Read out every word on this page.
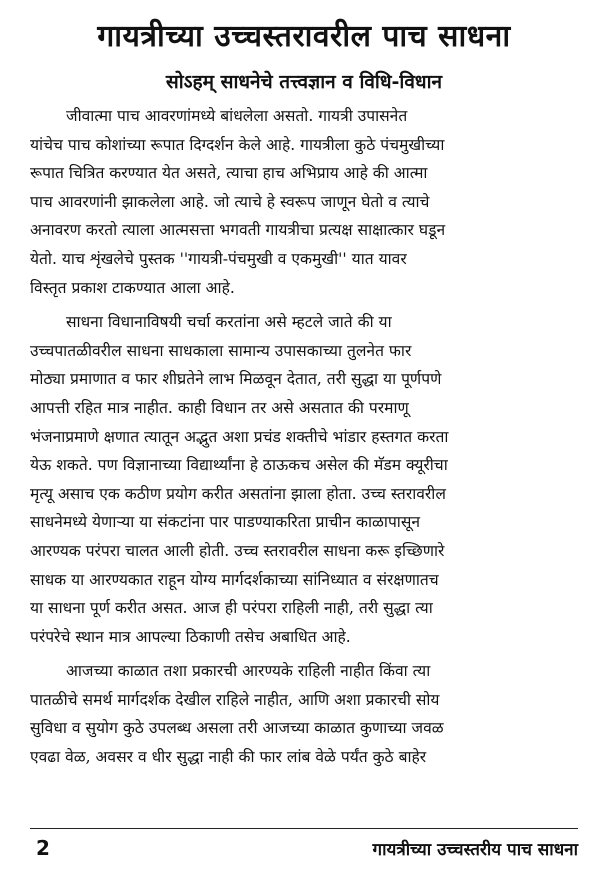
गायत्रीच्या उच्चस्तरावरील पाच साधना
सोऽहम् साधनेचे तत्त्वज्ञान व विधि-विधान

जीवात्मा पाच आवरणांमध्ये बांधलेला असतो. गायत्री उपासनेत
यांचेच पाच कोशांच्या रूपात दिग्दर्शन केले आहे. गायत्रीला कुठे पंचमुखीच्या
रूपात चित्रित करण्यात येत असते, त्याचा हाच अभिप्राय आहे की आत्मा
पाच आवरणांनी झाकलेला आहे. जो त्याचे हे स्वरूप जाणून घेतो व त्याचे
अनावरण करतो त्याला आत्मसत्ता भगवती गायत्रीचा प्रत्यक्ष साक्षात्कार घडून
येतो. याच शृंखलेचे पुस्तक ''गायत्री-पंचमुखी व एकमुखी'' यात यावर
विस्तृत प्रकाश टाकण्यात आला आहे.

साधना विधानाविषयी चर्चा करतांना असे म्हटले जाते की या
उच्चपातळीवरील साधना साधकाला सामान्य उपासकाच्या तुलनेत फार
मोठ्या प्रमाणात व फार शीघ्रतेने लाभ मिळवून देतात, तरी सुद्धा या पूर्णपणे
आपत्ती रहित मात्र नाहीत. काही विधान तर असे असतात की परमाणू
भंजनाप्रमाणे क्षणात त्यातून अद्भुत अशा प्रचंड शक्तीचे भांडार हस्तगत करता
येऊ शकते. पण विज्ञानाच्या विद्यार्थ्यांना हे ठाऊकच असेल की मॅडम क्यूरीचा
मृत्यू असाच एक कठीण प्रयोग करीत असतांना झाला होता. उच्च स्तरावरील
साधनेमध्ये येणाऱ्या या संकटांना पार पाडण्याकरिता प्राचीन काळापासून
आरण्यक परंपरा चालत आली होती. उच्च स्तरावरील साधना करू इच्छिणारे
साधक या आरण्यकात राहून योग्य मार्गदर्शकाच्या सांनिध्यात व संरक्षणातच
या साधना पूर्ण करीत असत. आज ही परंपरा राहिली नाही, तरी सुद्धा त्या
परंपरेचे स्थान मात्र आपल्या ठिकाणी तसेच अबाधित आहे.

आजच्या काळात तशा प्रकारची आरण्यके राहिली नाहीत किंवा त्या
पातळीचे समर्थ मार्गदर्शक देखील राहिले नाहीत, आणि अशा प्रकारची सोय
सुविधा व सुयोग कुठे उपलब्ध असला तरी आजच्या काळात कुणाच्या जवळ
एवढा वेळ, अवसर व धीर सुद्धा नाही की फार लांब वेळे पर्यंत कुठे बाहेर

2	गायत्रीच्या उच्चस्तरीय पाच साधना
